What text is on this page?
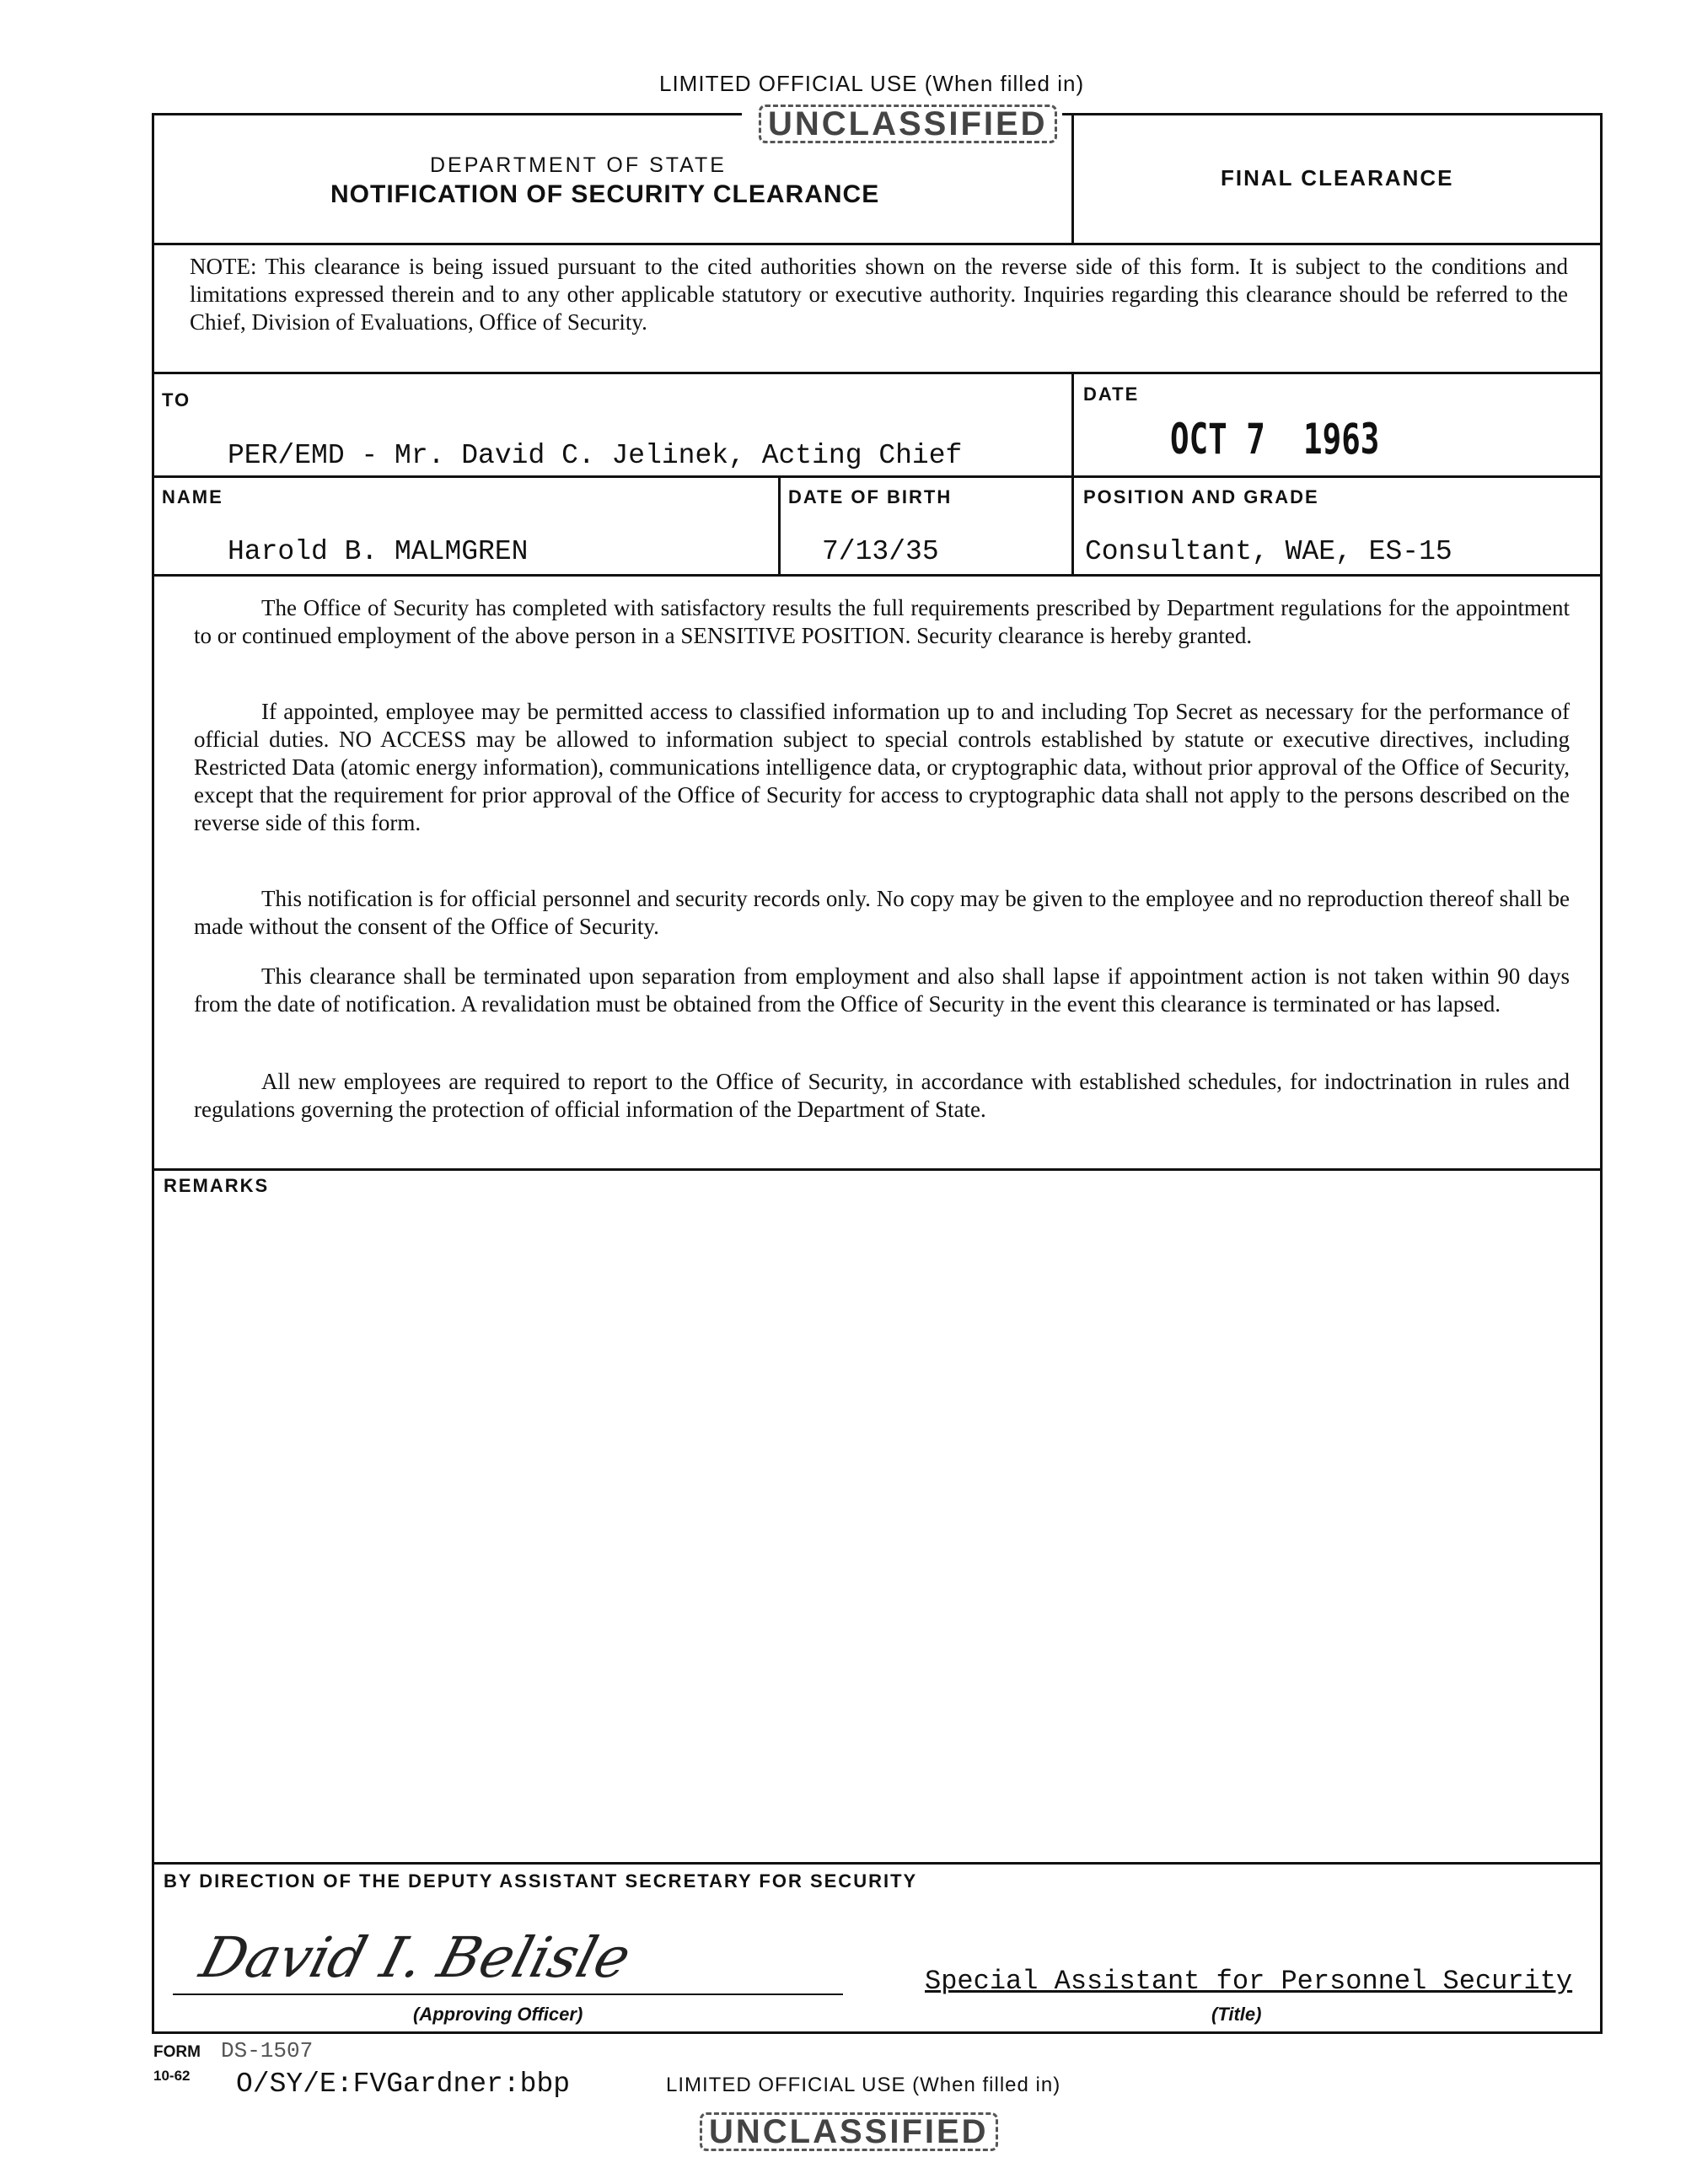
LIMITED OFFICIAL USE (When filled in)
UNCLASSIFIED
DEPARTMENT OF STATE
NOTIFICATION OF SECURITY CLEARANCE
FINAL CLEARANCE
NOTE: This clearance is being issued pursuant to the cited authorities shown on the reverse side of this form. It is subject to the conditions and limitations expressed therein and to any other applicable statutory or executive authority. Inquiries regarding this clearance should be referred to the Chief, Division of Evaluations, Office of Security.
TO
PER/EMD - Mr. David C. Jelinek, Acting Chief
DATE
OCT 7  1963
NAME
Harold B. MALMGREN
DATE OF BIRTH
7/13/35
POSITION AND GRADE
Consultant, WAE, ES-15

The Office of Security has completed with satisfactory results the full requirements prescribed by Department regulations for the appointment to or continued employment of the above person in a SENSITIVE POSITION. Security clearance is hereby granted.

If appointed, employee may be permitted access to classified information up to and including Top Secret as necessary for the performance of official duties. NO ACCESS may be allowed to information subject to special controls established by statute or executive directives, including Restricted Data (atomic energy information), communications intelligence data, or cryptographic data, without prior approval of the Office of Security, except that the requirement for prior approval of the Office of Security for access to cryptographic data shall not apply to the persons described on the reverse side of this form.

This notification is for official personnel and security records only. No copy may be given to the employee and no reproduction thereof shall be made without the consent of the Office of Security.

This clearance shall be terminated upon separation from employment and also shall lapse if appointment action is not taken within 90 days from the date of notification. A revalidation must be obtained from the Office of Security in the event this clearance is terminated or has lapsed.

All new employees are required to report to the Office of Security, in accordance with established schedules, for indoctrination in rules and regulations governing the protection of official information of the Department of State.

REMARKS
BY DIRECTION OF THE DEPUTY ASSISTANT SECRETARY FOR SECURITY
David I. Belisle
(Approving Officer)
Special Assistant for Personnel Security
(Title)
FORM DS-1507
10-62 O/SY/E:FVGardner:bbp	LIMITED OFFICIAL USE (When filled in)
UNCLASSIFIED
